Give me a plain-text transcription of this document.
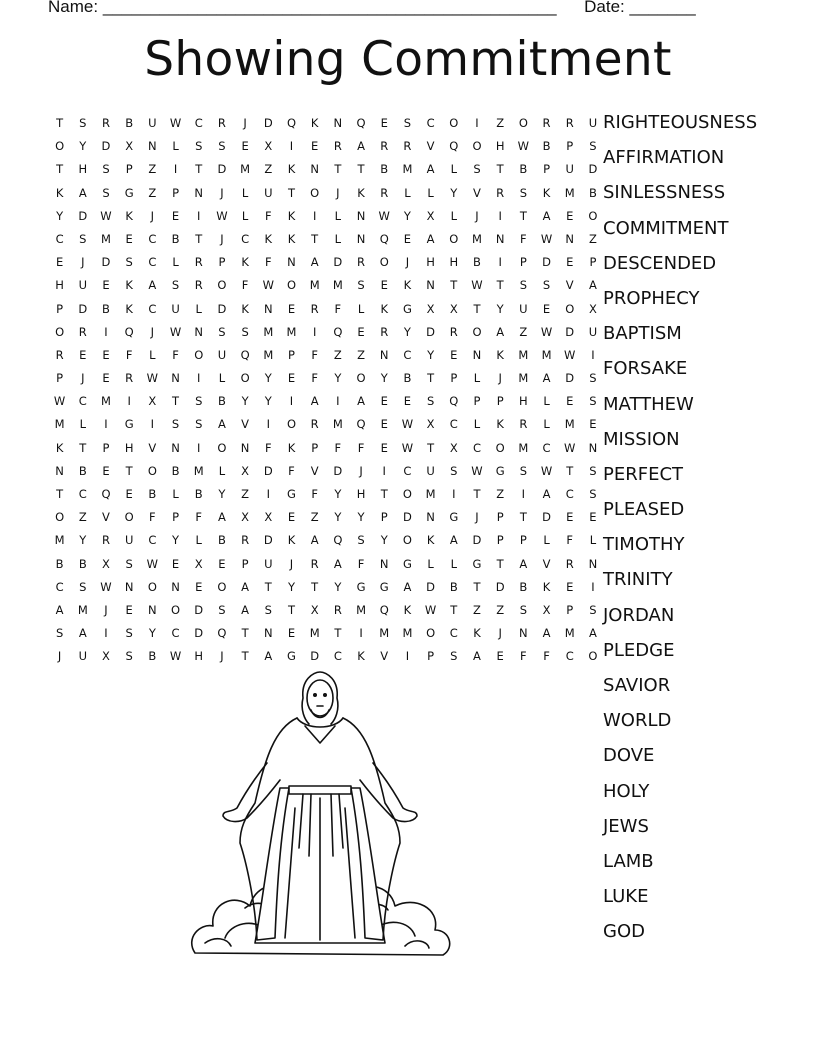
Name: ________________________________________________ Date: _______
Showing Commitment
T	S	R	B	U	W	C	R	J	D	Q	K	N	Q	E	S	C	O	I	Z	O	R	R	U
O	Y	D	X	N	L	S	S	E	X	I	E	R	A	R	R	V	Q	O	H	W	B	P	S
T	H	S	P	Z	I	T	D	M	Z	K	N	T	T	B	M	A	L	S	T	B	P	U	D
K	A	S	G	Z	P	N	J	L	U	T	O	J	K	R	L	L	Y	V	R	S	K	M	B
Y	D	W	K	J	E	I	W	L	F	K	I	L	N	W	Y	X	L	J	I	T	A	E	O
C	S	M	E	C	B	T	J	C	K	K	T	L	N	Q	E	A	O	M	N	F	W	N	Z
E	J	D	S	C	L	R	P	K	F	N	A	D	R	O	J	H	H	B	I	P	D	E	P
H	U	E	K	A	S	R	O	F	W	O	M	M	S	E	K	N	T	W	T	S	S	V	A
P	D	B	K	C	U	L	D	K	N	E	R	F	L	K	G	X	X	T	Y	U	E	O	X
O	R	I	Q	J	W	N	S	S	M	M	I	Q	E	R	Y	D	R	O	A	Z	W	D	U
R	E	E	F	L	F	O	U	Q	M	P	F	Z	Z	N	C	Y	E	N	K	M	M	W	I
P	J	E	R	W	N	I	L	O	Y	E	F	Y	O	Y	B	T	P	L	J	M	A	D	S
W	C	M	I	X	T	S	B	Y	Y	I	A	I	A	E	E	S	Q	P	P	H	L	E	S
M	L	I	G	I	S	S	A	V	I	O	R	M	Q	E	W	X	C	L	K	R	L	M	E
K	T	P	H	V	N	I	O	N	F	K	P	F	F	E	W	T	X	C	O	M	C	W	N
N	B	E	T	O	B	M	L	X	D	F	V	D	J	I	C	U	S	W	G	S	W	T	S
T	C	Q	E	B	L	B	Y	Z	I	G	F	Y	H	T	O	M	I	T	Z	I	A	C	S
O	Z	V	O	F	P	F	A	X	X	E	Z	Y	Y	P	D	N	G	J	P	T	D	E	E
M	Y	R	U	C	Y	L	B	R	D	K	A	Q	S	Y	O	K	A	D	P	P	L	F	L
B	B	X	S	W	E	X	E	P	U	J	R	A	F	N	G	L	L	G	T	A	V	R	N
C	S	W	N	O	N	E	O	A	T	Y	T	Y	G	G	A	D	B	T	D	B	K	E	I
A	M	J	E	N	O	D	S	A	S	T	X	R	M	Q	K	W	T	Z	Z	S	X	P	S
S	A	I	S	Y	C	D	Q	T	N	E	M	T	I	M	M	O	C	K	J	N	A	M	A
J	U	X	S	B	W	H	J	T	A	G	D	C	K	V	I	P	S	A	E	F	F	C	O
RIGHTEOUSNESS
AFFIRMATION
SINLESSNESS
COMMITMENT
DESCENDED
PROPHECY
BAPTISM
FORSAKE
MATTHEW
MISSION
PERFECT
PLEASED
TIMOTHY
TRINITY
JORDAN
PLEDGE
SAVIOR
WORLD
DOVE
HOLY
JEWS
LAMB
LUKE
GOD
